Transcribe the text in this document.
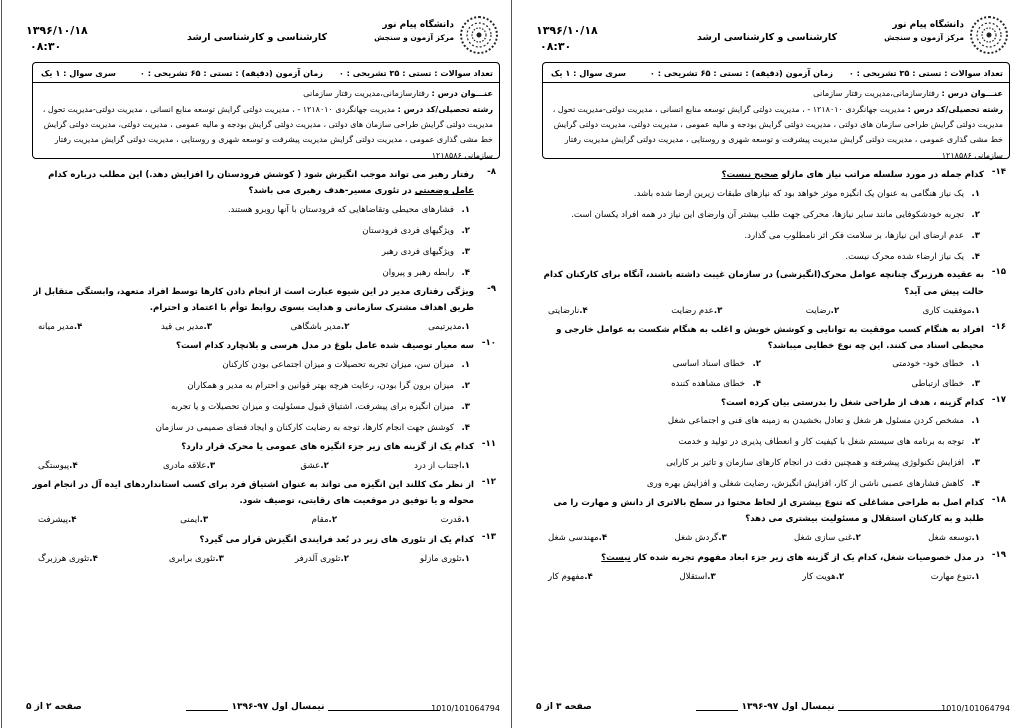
دانشگاه پیام نور
مرکز آزمون و سنجش
کارشناسی و کارشناسی ارشد
۱۳۹۶/۱۰/۱۸
۰۸:۳۰
تعداد سوالات : تستی : ۳۵ تشریحی : ۰
زمان آزمون (دقیقه) : تستی : ۶۵ تشریحی : ۰
سری سوال : ۱ یک
عنـــوان درس : رفتارسازمانی،مدیریت رفتار سازمانی
رشته تحصیلی/کد درس : مدیریت جهانگردی ۱۲۱۸۰۱۰ - ، مدیریت دولتی گرایش توسعه منابع انسانی ، مدیریت دولتی-مدیریت تحول ، مدیریت دولتی گرایش طراحی سازمان های دولتی ، مدیریت دولتی گرایش بودجه و مالیه عمومی ، مدیریت دولتی، مدیریت دولتی گرایش خط مشی گذاری عمومی ، مدیریت دولتی گرایش مدیریت پیشرفت و توسعه شهری و روستایی ، مدیریت دولتی گرایش مدیریت رفتار سازمانی ۱۲۱۸۵۸۶
۸-
رفتار رهبر می تواند موجب انگیزش شود ( کوشش فرودستان را افزایش دهد.) این مطلب درباره کدام عامل وضعیتی در تئوری مسیر-هدف رهبری می باشد؟
۱.
فشارهای محیطی وتقاضاهایی که فرودستان با آنها روبرو هستند.
۲.
ویژگیهای فردی فرودستان
۳.
ویژگیهای فردی رهبر
۴.
رابطه رهبر و پیروان
۹-
ویژگی رفتاری مدیر در این شیوه عبارت است از انجام دادن کارها توسط افراد متعهد، وابستگی متقابل از طریق اهداف مشترک سازمانی و هدایت بسوی روابط توأم با اعتماد و احترام.
۱.مدیرتیمی
۲.مدیر باشگاهی
۳.مدیر بی قید
۴.مدیر میانه
۱۰-
سه معیار توصیف شده عامل بلوغ در مدل هرسی و بلانچارد کدام است؟
۱.
میزان سن، میزان تجربه تحصیلات و میزان اجتماعی بودن کارکنان
۲.
میزان برون گرا بودن، رعایت هرچه بهتر قوانین و احترام به مدیر و همکاران
۳.
میزان انگیزه برای پیشرفت، اشتیاق قبول مسئولیت و میزان تحصیلات و یا تجربه
۴.
کوشش جهت انجام کارها، توجه به رضایت کارکنان و ایجاد فضای صمیمی در سازمان
۱۱-
کدام یک از گزینه های زیر جزء انگیزه های عمومی یا محرک قرار دارد؟
۱.اجتناب از درد
۲.عشق
۳.علاقه مادری
۴.پیوستگی
۱۲-
از نظر مک کللند این انگیزه می تواند به عنوان اشتیاق فرد برای کسب استانداردهای ایده آل در انجام امور محوله و یا توفیق در موقعیت های رقابتی، توصیف شود.
۱.قدرت
۲.مقام
۳.ایمنی
۴.پیشرفت
۱۳-
کدام یک از تئوری های زیر در بُعد فرایندی انگیزش قرار می گیرد؟
۱.تئوری مازلو
۲.تئوری آلدرفر
۳.تئوری برابری
۴.تئوری هرزبرگ
صفحه ۲ از ۵	نیمسال اول ۹۷-۱۳۹۶	1010/101064794
دانشگاه پیام نور
مرکز آزمون و سنجش
کارشناسی و کارشناسی ارشد
۱۳۹۶/۱۰/۱۸
۰۸:۳۰
تعداد سوالات : تستی : ۳۵ تشریحی : ۰
زمان آزمون (دقیقه) : تستی : ۶۵ تشریحی : ۰
سری سوال : ۱ یک
عنـــوان درس : رفتارسازمانی،مدیریت رفتار سازمانی
رشته تحصیلی/کد درس : مدیریت جهانگردی ۱۲۱۸۰۱۰ - ، مدیریت دولتی گرایش توسعه منابع انسانی ، مدیریت دولتی-مدیریت تحول ، مدیریت دولتی گرایش طراحی سازمان های دولتی ، مدیریت دولتی گرایش بودجه و مالیه عمومی ، مدیریت دولتی، مدیریت دولتی گرایش خط مشی گذاری عمومی ، مدیریت دولتی گرایش مدیریت پیشرفت و توسعه شهری و روستایی ، مدیریت دولتی گرایش مدیریت رفتار سازمانی ۱۲۱۸۵۸۶
۱۴-
کدام جمله در مورد سلسله مراتب نیاز های مازلو صحیح نیست؟
۱.
یک نیاز هنگامی به عنوان یک انگیزه موثر خواهد بود که نیازهای طبقات زیرین ارضا شده باشد.
۲.
تجربه خودشکوفایی مانند سایر نیازها، محرکی جهت طلب بیشتر آن وارضای این نیاز در همه افراد یکسان است.
۳.
عدم ارضای این نیازها، بر سلامت فکر اثر نامطلوب می گذارد.
۴.
یک نیاز ارضاء شده محرک نیست.
۱۵-
به عقیده هرزبرگ چنانچه عوامل محرک(انگیزشی) در سازمان غیبت داشته باشند، آنگاه برای کارکنان کدام حالت پیش می آید؟
۱.موفقیت کاری
۲.رضایت
۳.عدم رضایت
۴.نارضایتی
۱۶-
افراد به هنگام کسب موفقیت به توانایی و کوشش خویش و اغلب به هنگام شکست به عوامل خارجی و محیطی اسناد می کنند. این چه نوع خطایی میباشد؟
۱.
خطای خود- خودمتی
۲.
خطای اسناد اساسی
۳.
خطای ارتباطی
۴.
خطای مشاهده کننده
۱۷-
کدام گزینه ، هدف از طراحی شغل را بدرستی بیان کرده است؟
۱.
مشخص کردن مسئول هر شغل و تعادل بخشیدن به زمینه های فنی و اجتماعی شغل
۲.
توجه به برنامه های سیستم شغل با کیفیت کار و انعطاف پذیری در تولید و خدمت
۳.
افزایش تکنولوژی پیشرفته و همچنین دقت در انجام کارهای سازمان و تاثیر بر کارایی
۴.
کاهش فشارهای عصبی ناشی از کار، افزایش انگیزش، رضایت شغلی و افزایش بهره وری
۱۸-
کدام اصل به طراحی مشاغلی که تنوع بیشتری از لحاظ محتوا در سطح بالاتری از دانش و مهارت را می طلبد و به کارکنان استقلال و مسئولیت بیشتری می دهد؟
۱.توسعه شغل
۲.غنی سازی شغل
۳.گردش شغل
۴.مهندسی شغل
۱۹-
در مدل خصوصیات شغل، کدام یک از گزینه های زیر جزء ابعاد مفهوم تجربه شده کار نیست؟
۱.تنوع مهارت
۲.هویت کار
۳.استقلال
۴.مفهوم کار
صفحه ۳ از ۵	نیمسال اول ۹۷-۱۳۹۶	1010/101064794
